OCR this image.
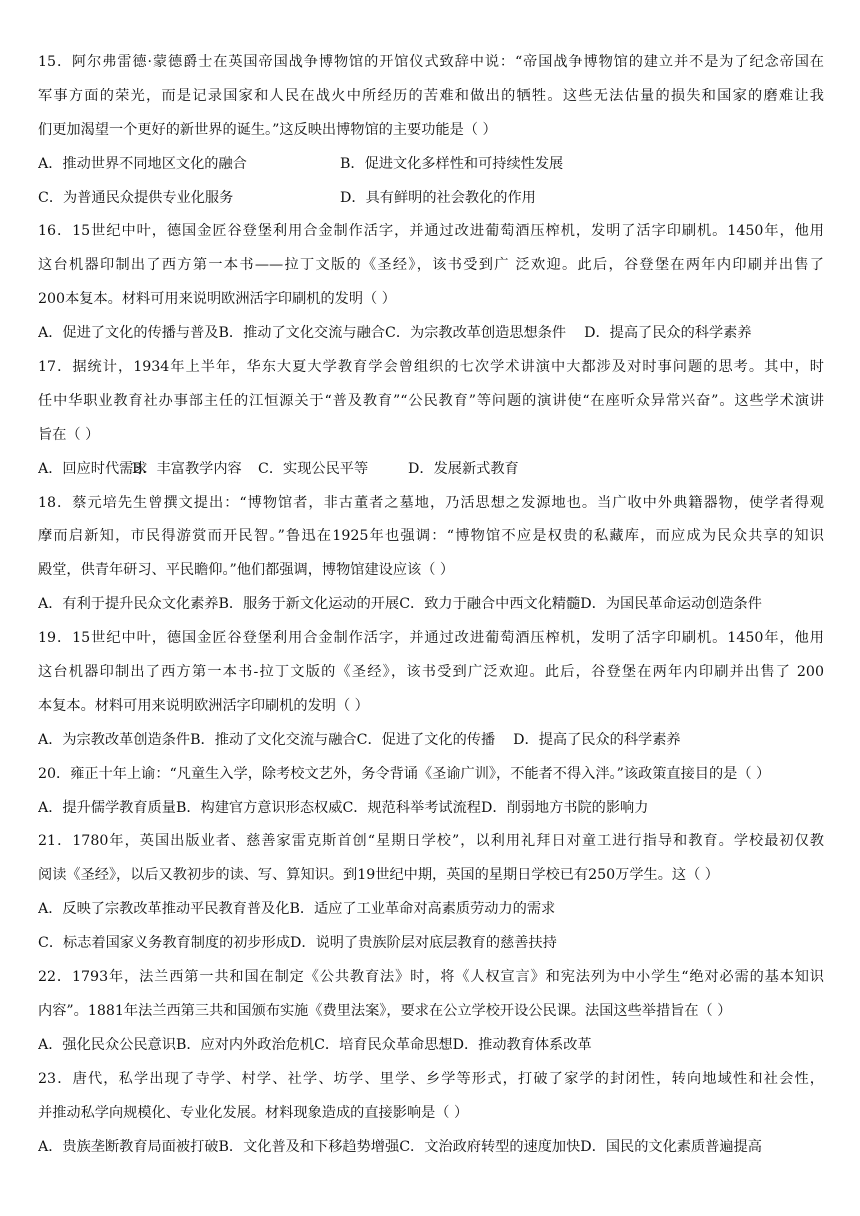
15．阿尔弗雷德·蒙德爵士在英国帝国战争博物馆的开馆仪式致辞中说：“帝国战争博物馆的建立并不是为了纪念帝国在
军事方面的荣光，而是记录国家和人民在战火中所经历的苦难和做出的牺牲。这些无法估量的损失和国家的磨难让我
们更加渴望一个更好的新世界的诞生。”这反映出博物馆的主要功能是（ ）
A．推动世界不同地区文化的融合	B．促进文化多样性和可持续性发展
C．为普通民众提供专业化服务	D．具有鲜明的社会教化的作用
16．15世纪中叶，德国金匠谷登堡利用合金制作活字，并通过改进葡萄酒压榨机，发明了活字印刷机。1450年，他用
这台机器印制出了西方第一本书——拉丁文版的《圣经》，该书受到广 泛欢迎。此后，谷登堡在两年内印刷并出售了
200本复本。材料可用来说明欧洲活字印刷机的发明（ ）
A．促进了文化的传播与普及B．推动了文化交流与融合C．为宗教改革创造思想条件 D．提高了民众的科学素养
17．据统计，1934年上半年，华东大夏大学教育学会曾组织的七次学术讲演中大都涉及对时事问题的思考。其中，时
任中华职业教育社办事部主任的江恒源关于“普及教育”“公民教育”等问题的演讲使“在座听众异常兴奋”。这些学术演讲
旨在（ ）
A．回应时代需求B．丰富教学内容 C．实现公民平等	D．发展新式教育
18．蔡元培先生曾撰文提出：“博物馆者，非古董者之墓地，乃活思想之发源地也。当广收中外典籍器物，使学者得观
摩而启新知，市民得游赏而开民智。”鲁迅在1925年也强调：“博物馆不应是权贵的私藏库，而应成为民众共享的知识
殿堂，供青年研习、平民瞻仰。”他们都强调，博物馆建设应该（ ）
A．有利于提升民众文化素养B．服务于新文化运动的开展C．致力于融合中西文化精髓D．为国民革命运动创造条件
19．15世纪中叶，德国金匠谷登堡利用合金制作活字，并通过改进葡萄酒压榨机，发明了活字印刷机。1450年，他用
这台机器印制出了西方第一本书-拉丁文版的《圣经》，该书受到广泛欢迎。此后，谷登堡在两年内印刷并出售了 200
本复本。材料可用来说明欧洲活字印刷机的发明（ ）
A．为宗教改革创造条件B．推动了文化交流与融合C．促进了文化的传播 D．提高了民众的科学素养
20．雍正十年上谕：“凡童生入学，除考校文艺外，务令背诵《圣谕广训》，不能者不得入泮。”该政策直接目的是（ ）
A．提升儒学教育质量B．构建官方意识形态权威C．规范科举考试流程D．削弱地方书院的影响力
21．1780年，英国出版业者、慈善家雷克斯首创“星期日学校”，以利用礼拜日对童工进行指导和教育。学校最初仅教
阅读《圣经》，以后又教初步的读、写、算知识。到19世纪中期，英国的星期日学校已有250万学生。这（ ）
A．反映了宗教改革推动平民教育普及化B．适应了工业革命对高素质劳动力的需求
C．标志着国家义务教育制度的初步形成D．说明了贵族阶层对底层教育的慈善扶持
22．1793年，法兰西第一共和国在制定《公共教育法》时，将《人权宣言》和宪法列为中小学生“绝对必需的基本知识
内容”。1881年法兰西第三共和国颁布实施《费里法案》，要求在公立学校开设公民课。法国这些举措旨在（ ）
A．强化民众公民意识B．应对内外政治危机C．培育民众革命思想D．推动教育体系改革
23．唐代，私学出现了寺学、村学、社学、坊学、里学、乡学等形式，打破了家学的封闭性，转向地域性和社会性，
并推动私学向规模化、专业化发展。材料现象造成的直接影响是（ ）
A．贵族垄断教育局面被打破B．文化普及和下移趋势增强C．文治政府转型的速度加快D．国民的文化素质普遍提高
